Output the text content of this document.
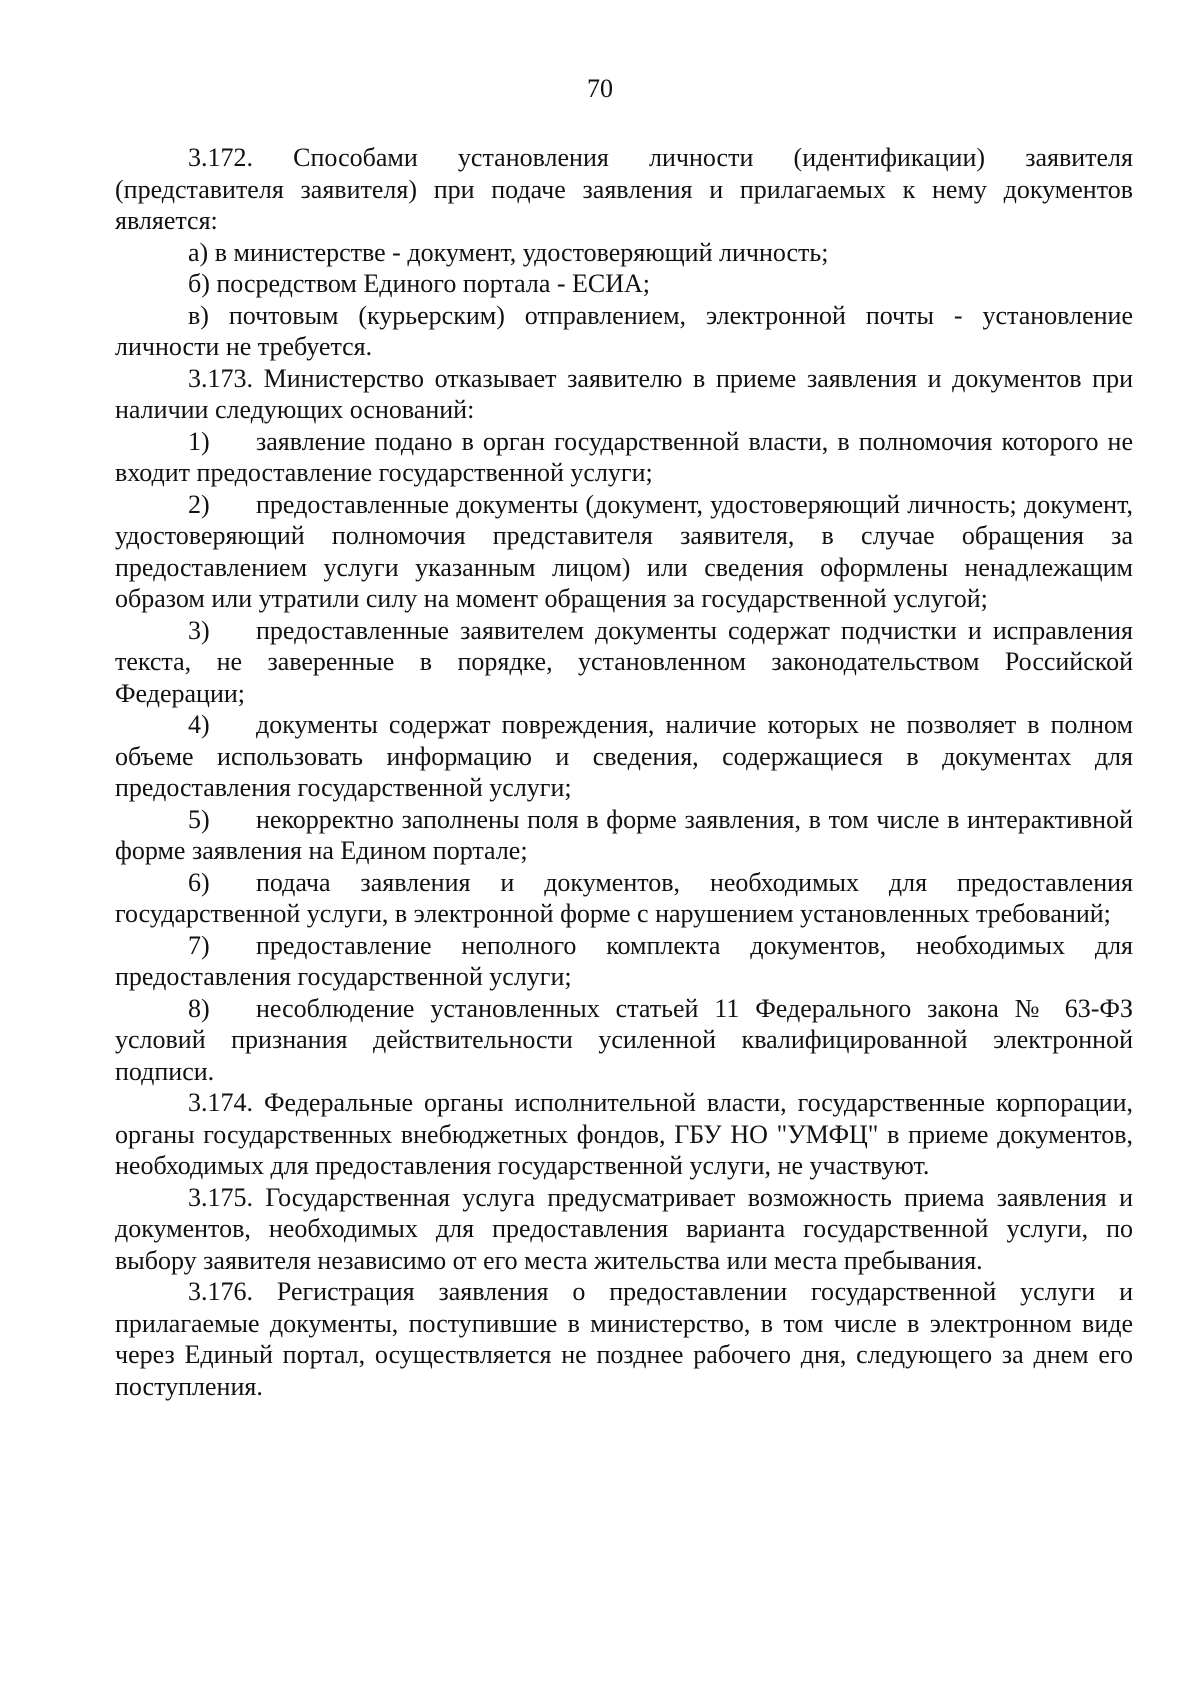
70

3.172. Способами установления личности (идентификации) заявителя (представителя заявителя) при подаче заявления и прилагаемых к нему документов является:

а) в министерстве - документ, удостоверяющий личность;

б) посредством Единого портала - ЕСИА;

в) почтовым (курьерским) отправлением, электронной почты - установление личности не требуется.

3.173. Министерство отказывает заявителю в приеме заявления и документов при наличии следующих оснований:

1) заявление подано в орган государственной власти, в полномочия которого не входит предоставление государственной услуги;

2) предоставленные документы (документ, удостоверяющий личность; документ, удостоверяющий полномочия представителя заявителя, в случае обращения за предоставлением услуги указанным лицом) или сведения оформлены ненадлежащим образом или утратили силу на момент обращения за государственной услугой;

3) предоставленные заявителем документы содержат подчистки и исправления текста, не заверенные в порядке, установленном законодательством Российской Федерации;

4) документы содержат повреждения, наличие которых не позволяет в полном объеме использовать информацию и сведения, содержащиеся в документах для предоставления государственной услуги;

5) некорректно заполнены поля в форме заявления, в том числе в интерактивной форме заявления на Едином портале;

6) подача заявления и документов, необходимых для предоставления государственной услуги, в электронной форме с нарушением установленных требований;

7) предоставление неполного комплекта документов, необходимых для предоставления государственной услуги;

8) несоблюдение установленных статьей 11 Федерального закона № 63-ФЗ условий признания действительности усиленной квалифицированной электронной подписи.

3.174. Федеральные органы исполнительной власти, государственные корпорации, органы государственных внебюджетных фондов, ГБУ НО "УМФЦ" в приеме документов, необходимых для предоставления государственной услуги, не участвуют.

3.175. Государственная услуга предусматривает возможность приема заявления и документов, необходимых для предоставления варианта государственной услуги, по выбору заявителя независимо от его места жительства или места пребывания.

3.176. Регистрация заявления о предоставлении государственной услуги и прилагаемые документы, поступившие в министерство, в том числе в электронном виде через Единый портал, осуществляется не позднее рабочего дня, следующего за днем его поступления.
